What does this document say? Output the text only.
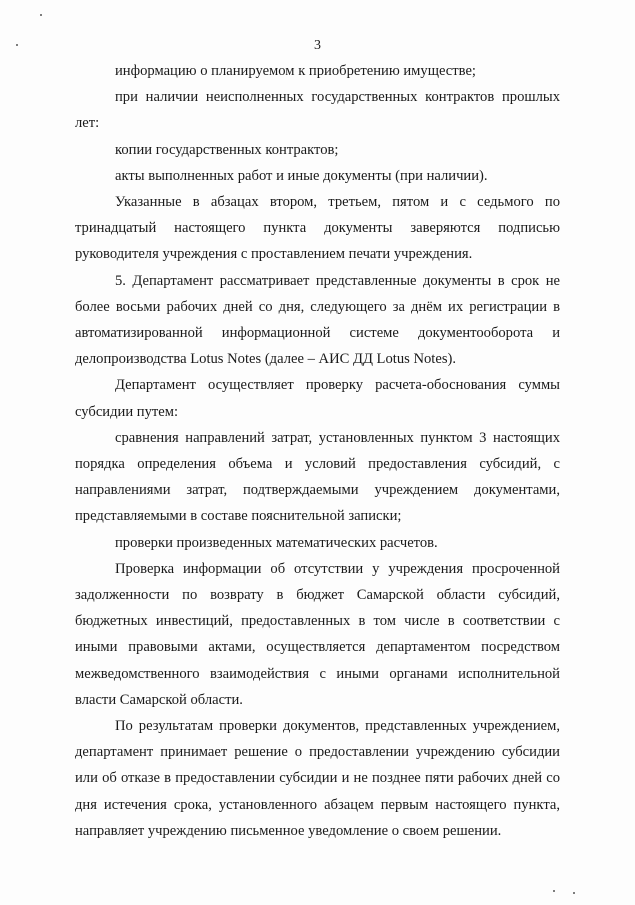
3

информацию о планируемом к приобретению имуществе;

при наличии неисполненных государственных контрактов прошлых лет:

копии государственных контрактов;

акты выполненных работ и иные документы (при наличии).

Указанные в абзацах втором, третьем, пятом и с седьмого по тринадцатый настоящего пункта документы заверяются подписью руководителя учреждения с проставлением печати учреждения.

5. Департамент рассматривает представленные документы в срок не более восьми рабочих дней со дня, следующего за днём их регистрации в автоматизированной информационной системе документооборота и делопроизводства Lotus Notes (далее – АИС ДД Lotus Notes).

Департамент осуществляет проверку расчета-обоснования суммы субсидии путем:

сравнения направлений затрат, установленных пунктом 3 настоящих порядка определения объема и условий предоставления субсидий, с направлениями затрат, подтверждаемыми учреждением документами, представляемыми в составе пояснительной записки;

проверки произведенных математических расчетов.

Проверка информации об отсутствии у учреждения просроченной задолженности по возврату в бюджет Самарской области субсидий, бюджетных инвестиций, предоставленных в том числе в соответствии с иными правовыми актами, осуществляется департаментом посредством межведомственного взаимодействия с иными органами исполнительной власти Самарской области.

По результатам проверки документов, представленных учреждением, департамент принимает решение о предоставлении учреждению субсидии или об отказе в предоставлении субсидии и не позднее пяти рабочих дней со дня истечения срока, установленного абзацем первым настоящего пункта, направляет учреждению письменное уведомление о своем решении.
